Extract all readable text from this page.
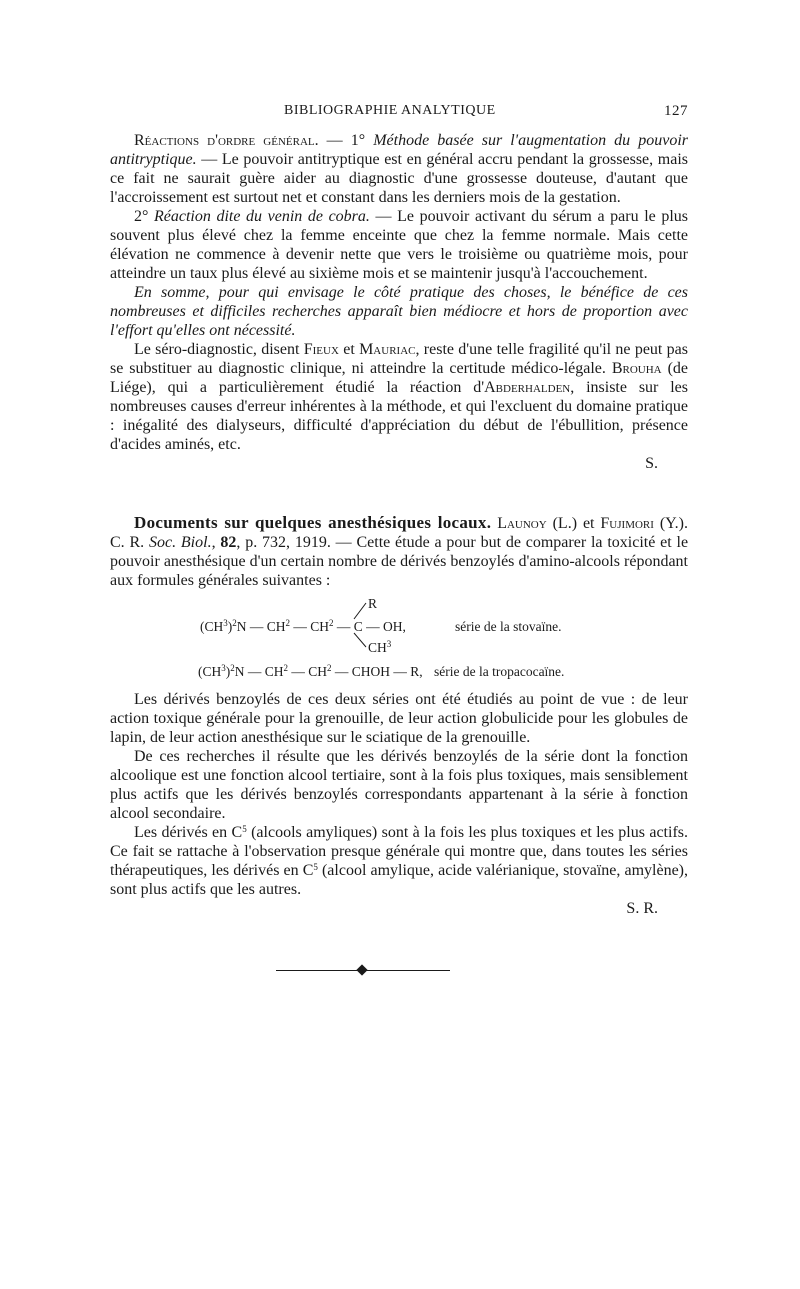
BIBLIOGRAPHIE ANALYTIQUE	127

Réactions d'ordre général. — 1° Méthode basée sur l'augmentation du pouvoir antitryptique. — Le pouvoir antitryptique est en général accru pendant la grossesse, mais ce fait ne saurait guère aider au diagnostic d'une grossesse douteuse, d'autant que l'accroissement est surtout net et constant dans les derniers mois de la gestation.

2° Réaction dite du venin de cobra. — Le pouvoir activant du sérum a paru le plus souvent plus élevé chez la femme enceinte que chez la femme normale. Mais cette élévation ne commence à devenir nette que vers le troisième ou quatrième mois, pour atteindre un taux plus élevé au sixième mois et se maintenir jusqu'à l'accouchement.

En somme, pour qui envisage le côté pratique des choses, le bénéfice de ces nombreuses et difficiles recherches apparaît bien médiocre et hors de proportion avec l'effort qu'elles ont nécessité.

Le séro-diagnostic, disent Fieux et Mauriac, reste d'une telle fragilité qu'il ne peut pas se substituer au diagnostic clinique, ni atteindre la certitude médico-légale. Brouha (de Liége), qui a particulièrement étudié la réaction d'Abderhalden, insiste sur les nombreuses causes d'erreur inhérentes à la méthode, et qui l'excluent du domaine pratique : inégalité des dialyseurs, difficulté d'appréciation du début de l'ébullition, présence d'acides aminés, etc.

S.

Documents sur quelques anesthésiques locaux. Launoy (L.) et Fujimori (Y.). C. R. Soc. Biol., 82, p. 732, 1919. — Cette étude a pour but de comparer la toxicité et le pouvoir anesthésique d'un certain nombre de dérivés benzoylés d'amino-alcools répondant aux formules générales suivantes :

R
$(CH^3)^2N$ — $CH^2$ — $CH^2$ — C — OH,	série de la stovaïne.
$CH^3$
$(CH^3)^2N$ — $CH^2$ — $CH^2$ — CHOH — R, série de la tropacocaïne.

Les dérivés benzoylés de ces deux séries ont été étudiés au point de vue : de leur action toxique générale pour la grenouille, de leur action globulicide pour les globules de lapin, de leur action anesthésique sur le sciatique de la grenouille.

De ces recherches il résulte que les dérivés benzoylés de la série dont la fonction alcoolique est une fonction alcool tertiaire, sont à la fois plus toxiques, mais sensiblement plus actifs que les dérivés benzoylés correspondants appartenant à la série à fonction alcool secondaire.

Les dérivés en $C^5$ (alcools amyliques) sont à la fois les plus toxiques et les plus actifs. Ce fait se rattache à l'observation presque générale qui montre que, dans toutes les séries thérapeutiques, les dérivés en $C^5$ (alcool amylique, acide valérianique, stovaïne, amylène), sont plus actifs que les autres.

S. R.
